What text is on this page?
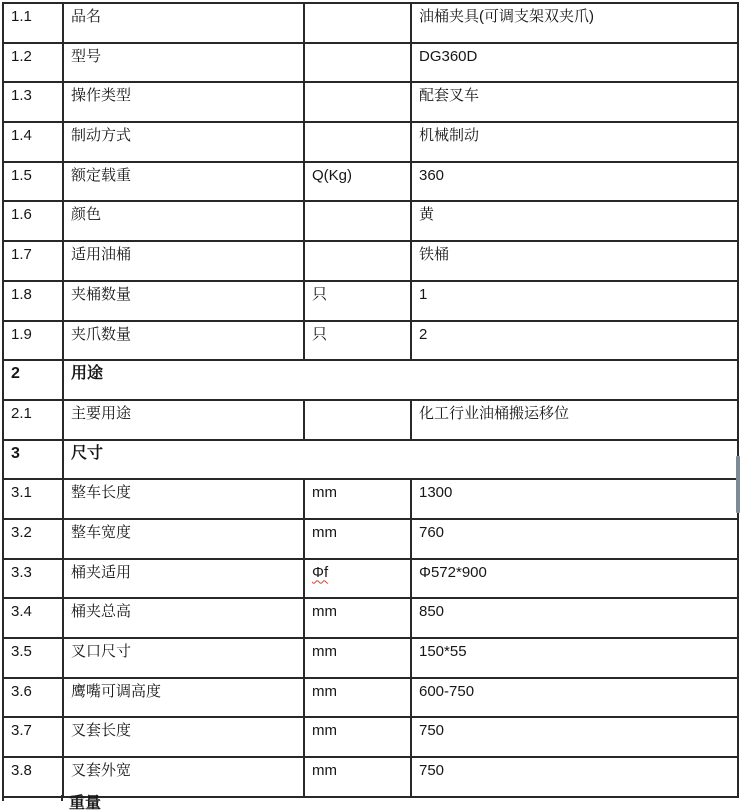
1.1	品名		油桶夹具(可调支架双夹爪)
1.2	型号		DG360D
1.3	操作类型		配套叉车
1.4	制动方式		机械制动
1.5	额定载重	Q(Kg)	360
1.6	颜色		黄
1.7	适用油桶		铁桶
1.8	夹桶数量	只	1
1.9	夹爪数量	只	2
2	用途		
2.1	主要用途		化工行业油桶搬运移位
3	尺寸		
3.1	整车长度	mm	1300
3.2	整车宽度	mm	760
3.3	桶夹适用	Φf	Φ572*900
3.4	桶夹总高	mm	850
3.5	叉口尺寸	mm	150*55
3.6	鹰嘴可调高度	mm	600-750
3.7	叉套长度	mm	750
3.8	叉套外宽	mm	750
重量
